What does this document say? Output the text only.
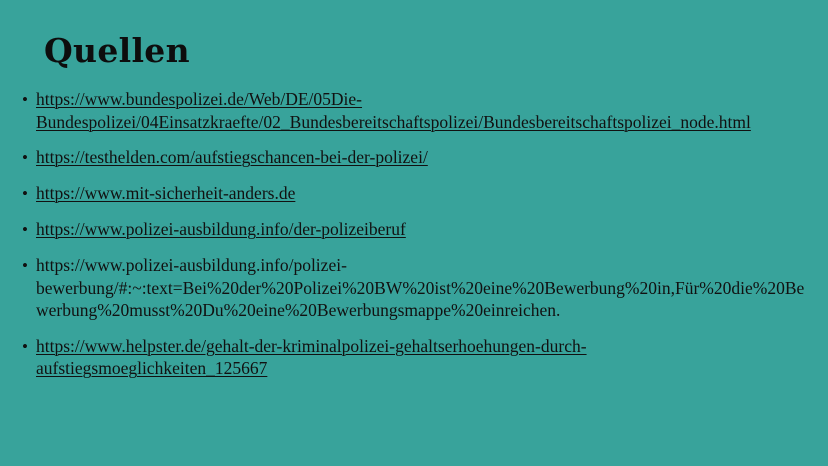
Quellen
• https://www.bundespolizei.de/Web/DE/05Die-Bundespolizei/04Einsatzkraefte/02_Bundesbereitschaftspolizei/Bundesbereitschaftspolizei_node.html
• https://testhelden.com/aufstiegschancen-bei-der-polizei/
• https://www.mit-sicherheit-anders.de
• https://www.polizei-ausbildung.info/der-polizeiberuf
• https://www.polizei-ausbildung.info/polizei-bewerbung/#:~:text=Bei%20der%20Polizei%20BW%20ist%20eine%20Bewerbung%20in,Für%20die%20Bewerbung%20musst%20Du%20eine%20Bewerbungsmappe%20einreichen.
• https://www.helpster.de/gehalt-der-kriminalpolizei-gehaltserhoehungen-durch-aufstiegsmoeglichkeiten_125667
